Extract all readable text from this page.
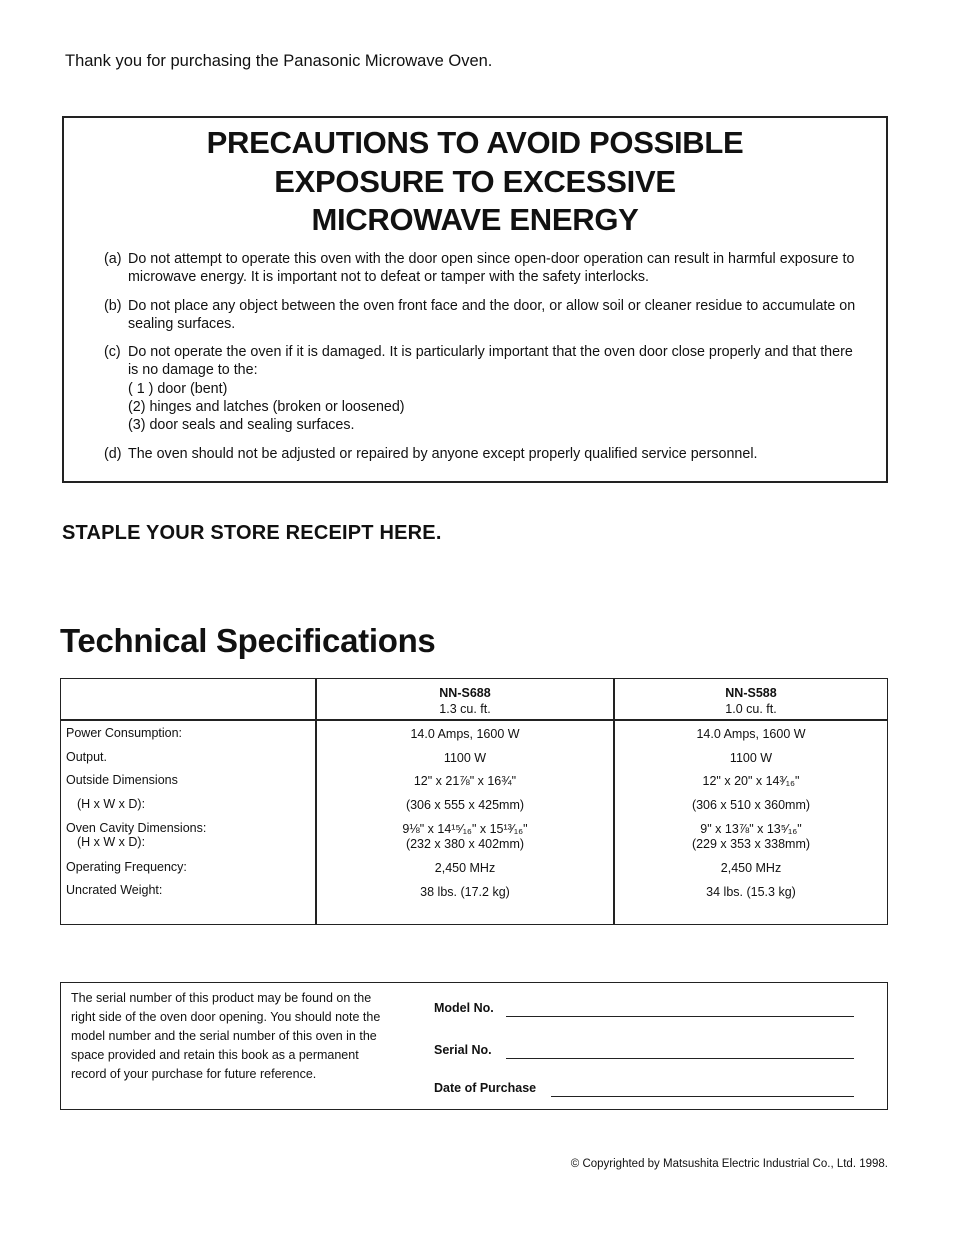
Thank you for purchasing the Panasonic Microwave Oven.
PRECAUTIONS TO AVOID POSSIBLE
EXPOSURE TO EXCESSIVE
MICROWAVE ENERGY
(a) Do not attempt to operate this oven with the door open since open-door operation can result in harmful exposure to microwave energy. It is important not to defeat or tamper with the safety interlocks.
(b) Do not place any object between the oven front face and the door, or allow soil or cleaner residue to accumulate on sealing surfaces.
(c) Do not operate the oven if it is damaged. It is particularly important that the oven door close properly and that there is no damage to the:
( 1 ) door (bent)
(2) hinges and latches (broken or loosened)
(3) door seals and sealing surfaces.
(d) The oven should not be adjusted or repaired by anyone except properly qualified service personnel.
STAPLE YOUR STORE RECEIPT HERE.
Technical Specifications
NN-S688
1.3 cu. ft.
NN-S588
1.0 cu. ft.
Power Consumption:
Output.
Outside Dimensions
(H x W x D):
Oven Cavity Dimensions:
(H x W x D):
Operating Frequency:
Uncrated Weight:
14.0 Amps, 1600 W
1100 W
12" x 21⅞" x 16¾"
(306 x 555 x 425mm)
9⅛" x 14¹⁵⁄₁₆" x 15¹³⁄₁₆"
(232 x 380 x 402mm)
2,450 MHz
38 lbs. (17.2 kg)
14.0 Amps, 1600 W
1100 W
12" x 20" x 14³⁄₁₆"
(306 x 510 x 360mm)
9" x 13⅞" x 13⁵⁄₁₆"
(229 x 353 x 338mm)
2,450 MHz
34 lbs. (15.3 kg)
The serial number of this product may be found on the right side of the oven door opening. You should note the model number and the serial number of this oven in the space provided and retain this book as a permanent record of your purchase for future reference.
Model No.
Serial No.
Date of Purchase
© Copyrighted by Matsushita Electric Industrial Co., Ltd. 1998.
